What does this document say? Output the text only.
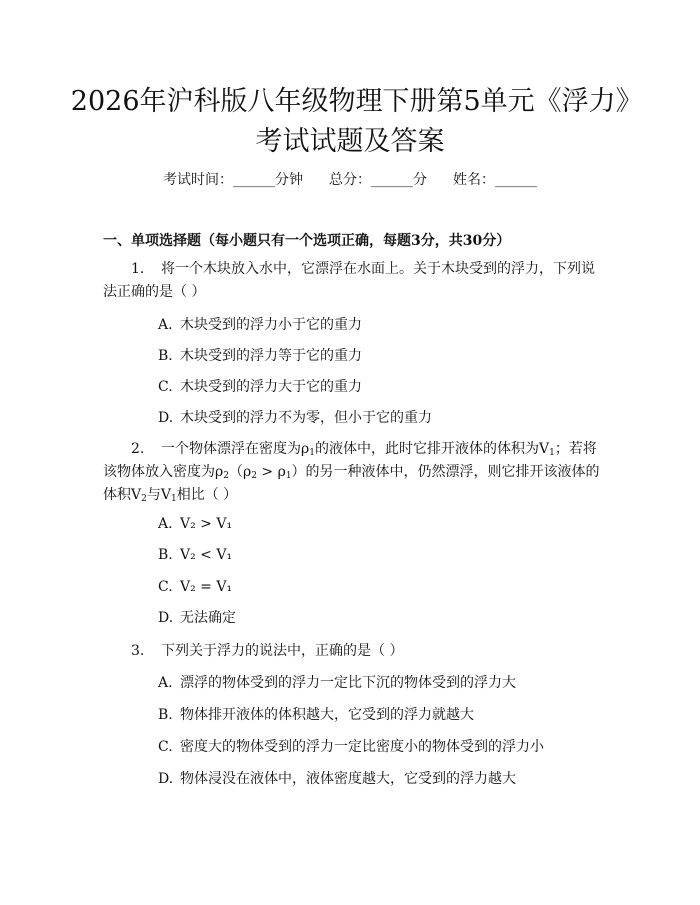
2026年沪科版八年级物理下册第5单元《浮力》考试试题及答案
考试时间：______分钟 总分：______分 姓名：______
一、单项选择题（每小题只有一个选项正确，每题3分，共30分）
1. 将一个木块放入水中，它漂浮在水面上。关于木块受到的浮力，下列说法正确的是（ ）
A. 木块受到的浮力小于它的重力
B. 木块受到的浮力等于它的重力
C. 木块受到的浮力大于它的重力
D. 木块受到的浮力不为零，但小于它的重力
2. 一个物体漂浮在密度为$\rho_1$的液体中，此时它排开液体的体积为$V_1$；若将该物体放入密度为$\rho_2(\rho_2 > \rho_1)$的另一种液体中，仍然漂浮，则它排开该液体的体积$V_2$与$V_1$相比（ ）
A. V₂ > V₁
B. V₂ < V₁
C. V₂ = V₁
D. 无法确定
3. 下列关于浮力的说法中，正确的是（ ）
A. 漂浮的物体受到的浮力一定比下沉的物体受到的浮力大
B. 物体排开液体的体积越大，它受到的浮力就越大
C. 密度大的物体受到的浮力一定比密度小的物体受到的浮力小
D. 物体浸没在液体中，液体密度越大，它受到的浮力越大
